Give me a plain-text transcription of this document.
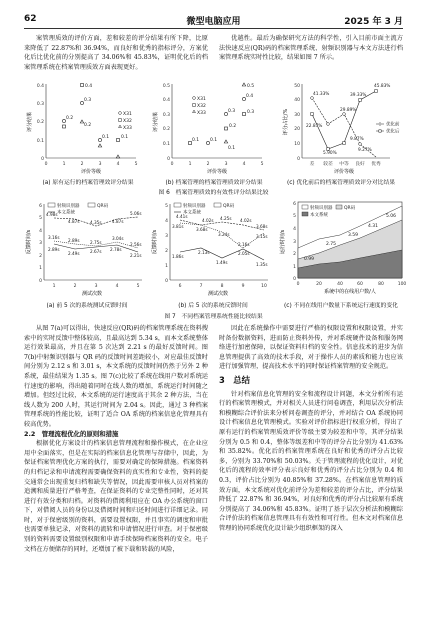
62	微型电脑应用	2025 年 3 月

案管理质效的评价方面，差和较差的评分结果有所下降，比原来降低了 22.87%和 36.94%，而良好和优秀的指标评分，方案优化后比优化前的分别提高了 34.06%和 45.83%，证明优化后的档案管理系统在档案管理质效方面表现更好。

优越性。最后为确保研究方法的科学性，引入目前市面主流方法快速反应(QR)码的档案管理系统、射频识别器与本文方法进行档案管理系统实时性比较，结果如图 7 所示。

0
0.1
0.2
0.3
0.4
0	1	2	3	4	5
评价等级
评分结果	0.2
0.3
0.1
0.4
0.1
0.2
X31
X32
X33
0
0.1
0.2
0.3
0.4
0.5
0	1	2	3	4	5
评价等级
评分结果
0.1
0.3
0.4
0.1
0.2
0.3
0.1
0.5
X31
X32
X33
0
10
20
30
40
50
差 较差 中等 良好 优秀
评价等级
评分占比/%
41.33%
22.87%
29.89%
9.87%
5.90%
9.27%
39.33%
45.83%
优化前
优化后
(a) 原有运行的档案管理效评分结果	(b) 档案管理的档案管理质效评分结果	(c) 优化前后的档案管理质效评分对比结果
图 6　档案管理质效的有效性评分结果比较
0
1
2
3
4
5
6
1	2	3	4	5
测试次数
反馈时间/s
射频识别器	QR码
本文系统
4.98s
4.87s 4.35s 4.87s
5.06s
3.16s
2.89s 2.75s
3.04s
2.56s
2.89s
2.49s 2.67s 2.78s
2.21s
0
1
2
3
4
5
6	7	8	9	10
测试次数
反馈时间/s
射频识别器	QR码
本文系统
4.41s
4.02s 4.25s 4.02s
3.68s
3.81s
3.68s
3.24s
2.16s
3.15s
1.86s
2.13s
1.49s
2.05s
1.35s
0
1
2
3
4
5
6
0	20	40	60	80	100
系统中的在线用户数/人
运行时间/s
0.99
2.75
3.59
4.31
5.06
射频识别器	QR码
本文系统
(a) 前 5 次的系统测试反馈时间	(b) 后 5 次的系统反馈时间	(c) 不同在线用户数量下系统运行速度的变化
图 7　不同档案管理系统性能比较结果

从图 7(a)可以得出，快速反应(QR)码的档案管理系统在资料搜索中的实时反馈中整体较高，且最高达到 5.34 s，而本文系统整体运行效果最高，并且在第 5 次达到 2.21 s 的最好反馈时间。图 7(b)中射频识别器与 QR 码的反馈时间差距较小，对应最佳反馈时间分别为 2.12 s 和 3.01 s，本文系统的反馈时间仍然于另外 2 种系统，最佳结果为 1.35 s。图 7(c)比较了系统在线用户数对系统运行速度的影响，得出随着同时在线人数的增加，系统运行时间随之增加。但经过比较，本文系统的运行速度高于其余 2 种方法，当在线人数为 200 人时，其运行时间为 2.04 s。因此，通过 3 种档案管理系统的性能比较，证明了适合 OA 系统的档案信息化管理具有较高优势。

2.2　管理流程优化的原则和措施

根据优化方案设计的档案信息管理流程和操作模式，在企业应用中全面落实，但是在实际的档案信息化管理与存储中，因此，为保证档案管理优化方案的执行，需要对确定的保障措施。档案资料的归档记录和申请流程需要确保资料的真实性和专业性，资料的提交通常会出现重复归档和缺失等情况，因此需要审核人员对档案的追溯和质量进行严格考查，在保证资料的专业完整性同时，还对其进行有效分类和归档。对资料的借阅利用应在 OA 办公系统的窗口下，对借阅人员的身份以及借阅时间和归还时间进行详细记录。同时，对于保密级别的资料，需要设置权限，并且事实的调度和审批也需要单独记录，对资料的流转和申请情况进行审查。对于保密级别的资料需要设置级别权限和申请手续保障档案资料的安全。电子文档在方便储存的同时，还增加了被下载和转载的风险，

因此在系统操作中需要进行严格的权限设置和权限设置，并实时备份数据资料，进而防止资料外传，并对系统硬件设备和服务网络进行加密保障，以保证资料归档的安全性。信息技术的进步为信息管理提供了高效的技术手段，对于操作人员的素质和能力也应该进行加强管理，提高技术水平的同时保证档案管理的安全规范。

3　总结

针对档案信息化管理的安全和流程设计问题，本文分析所有运行的档案管理模式，并对相关人员进行问卷调查，利用层次分析法和模糊综合评价法来分析问卷调查的评分，并对结合 OA 系统协同设计档案信息化管理模式。实验对评价指标进行权重分析，得出了原有运行的档案管理质效评价等级主要为较差和中等，其评分结果分别为 0.5 和 0.4，整体等级差和中等的评分占比分别为 41.63%和 35.82%。优化后的档案管理系统在良好和优秀的评分占比较多，分别为 33.70%和 50.03%。关于管理流程的优化设计，对优化后的流程的效率评分表示良好和优秀的评分占比分别为 0.4 和 0.3，评价占比分别为 40.85%和 37.28%。在档案信息管理的质效方面，本文系统对优化前评分为差和较差的评分占比，评分结果降低了 22.87% 和 36.94%，对良好和优秀的评分占比较原有系统分别提高了 34.06%和 45.83%。证明了基于层次分析法和模糊综合评价法的档案信息管理具有有效性和可行性。但本文对档案信息管理的协同系统优化设计缺少组织框架的深入
